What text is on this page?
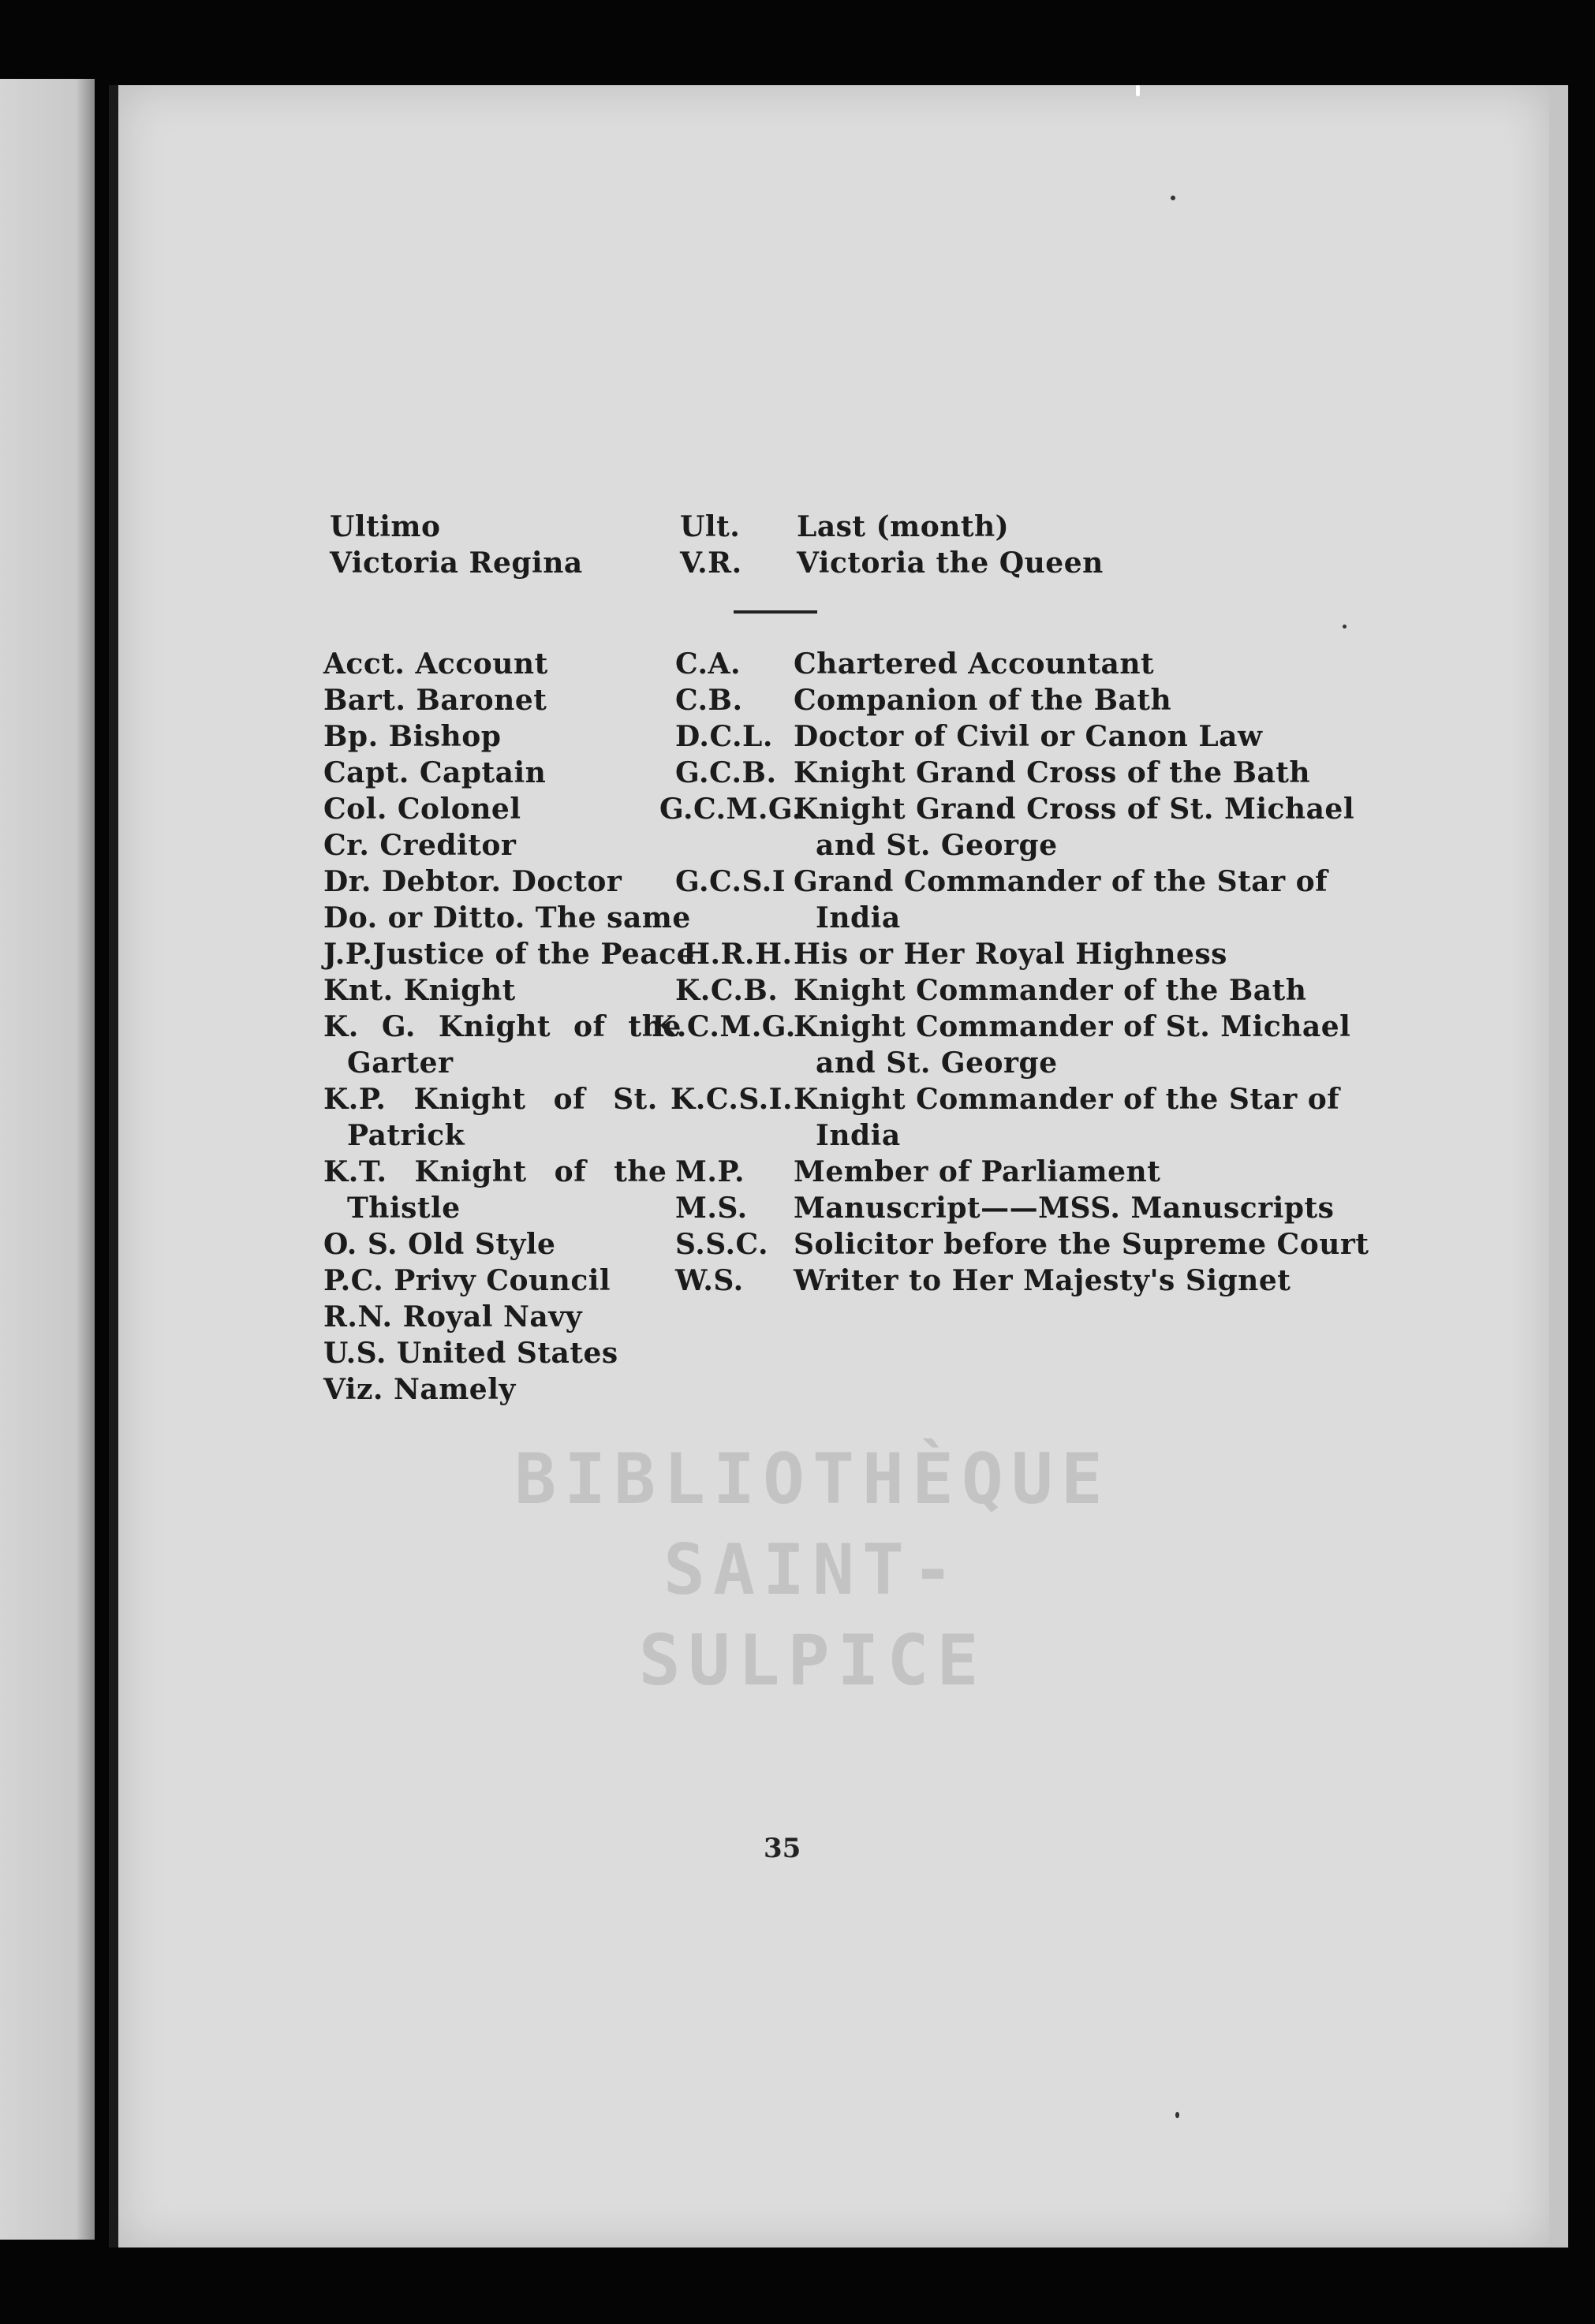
Ultimo	Ult. Last (month)
Victoria Regina	V.R. Victoria the Queen
Acct. Account
Bart. Baronet
Bp. Bishop
Capt. Captain
Col. Colonel
Cr. Creditor
Dr. Debtor. Doctor
Do. or Ditto. The same
J.P.Justice of the Peace
Knt. Knight
K. G. Knight of the
Garter
K.P. Knight of St.
Patrick
K.T. Knight of the
Thistle
O. S. Old Style
P.C. Privy Council
R.N. Royal Navy
U.S. United States
Viz. Namely
C.A.
C.B.
D.C.L.
G.C.B.
G.C.M.G.
G.C.S.I
H.R.H.
K.C.B.
K.C.M.G.
K.C.S.I.
M.P.
M.S.
S.S.C.
W.S.
Chartered Accountant
Companion of the Bath
Doctor of Civil or Canon Law
Knight Grand Cross of the Bath
Knight Grand Cross of St. Michael
and St. George
Grand Commander of the Star of
India
His or Her Royal Highness
Knight Commander of the Bath
Knight Commander of St. Michael
and St. George
Knight Commander of the Star of
India
Member of Parliament
Manuscript——MSS. Manuscripts
Solicitor before the Supreme Court
Writer to Her Majesty's Signet
BIBLIOTHÈQUE
SAINT-SULPICE
35
